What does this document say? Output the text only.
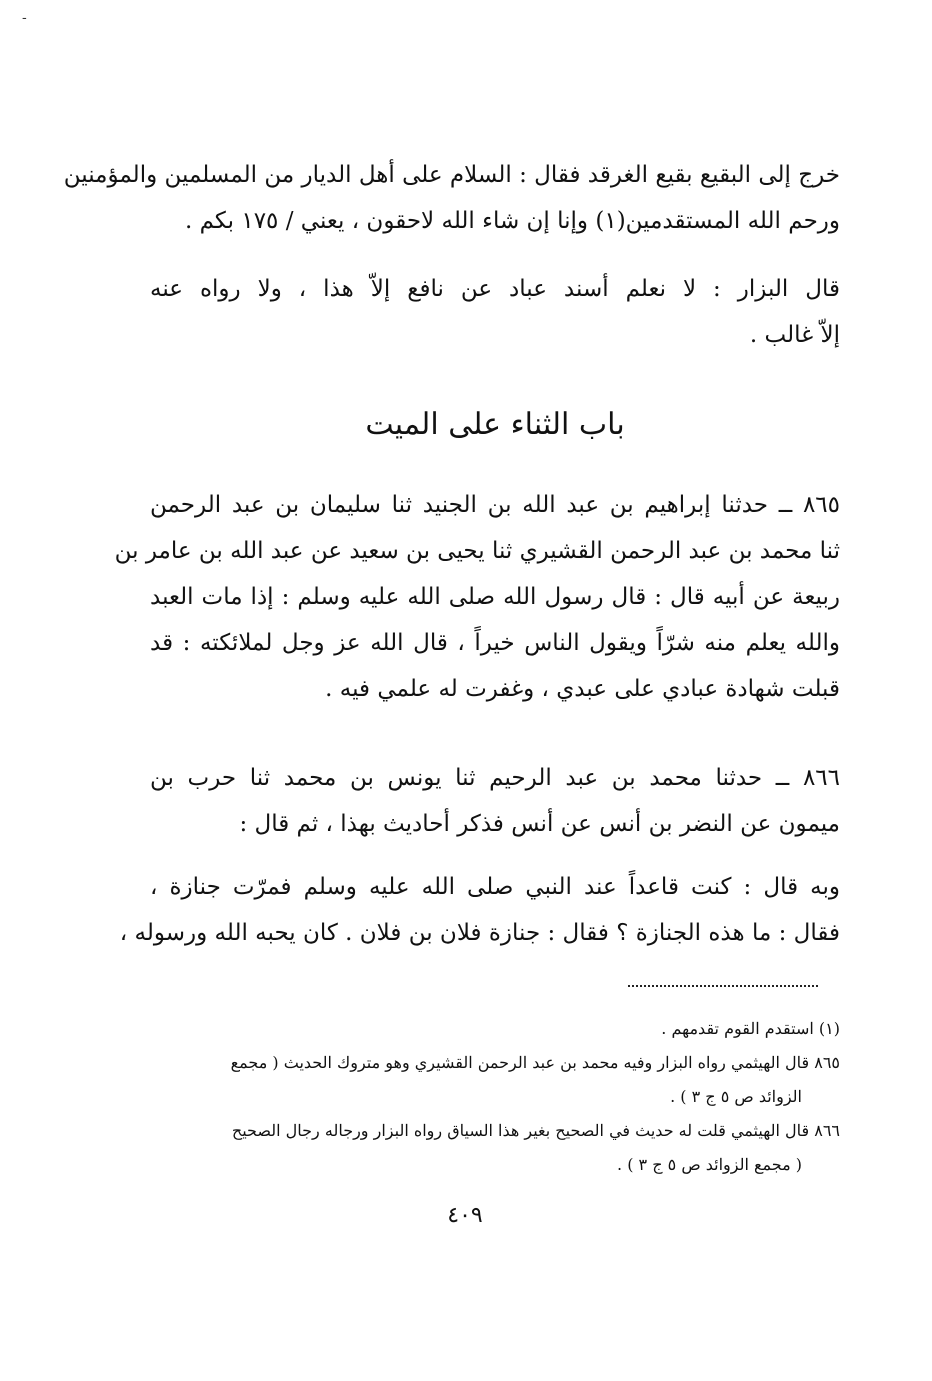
-
خرج إلى البقيع بقيع الغرقد فقال : السلام على أهل الديار من المسلمين والمؤمنين
ورحم الله المستقدمين(١) وإنا إن شاء الله لاحقون ، يعني / ١٧٥ بكم .
قال البزار : لا نعلم أسند عباد عن نافع إلاّ هذا ، ولا رواه عنه
إلاّ غالب .
باب الثناء على الميت
٨٦٥ ــ حدثنا إبراهيم بن عبد الله بن الجنيد ثنا سليمان بن عبد الرحمن
ثنا محمد بن عبد الرحمن القشيري ثنا يحيى بن سعيد عن عبد الله بن عامر بن
ربيعة عن أبيه قال : قال رسول الله صلى الله عليه وسلم : إذا مات العبد
والله يعلم منه شرّاً ويقول الناس خيراً ، قال الله عز وجل لملائكته : قد
قبلت شهادة عبادي على عبدي ، وغفرت له علمي فيه .
٨٦٦ ــ حدثنا محمد بن عبد الرحيم ثنا يونس بن محمد ثنا حرب بن
ميمون عن النضر بن أنس عن أنس فذكر أحاديث بهذا ، ثم قال :
وبه قال : كنت قاعداً عند النبي صلى الله عليه وسلم فمرّت جنازة ،
فقال : ما هذه الجنازة ؟ فقال : جنازة فلان بن فلان . كان يحبه الله ورسوله ،
(١) استقدم القوم تقدمهم .
٨٦٥ قال الهيثمي رواه البزار وفيه محمد بن عبد الرحمن القشيري وهو متروك الحديث ( مجمع
الزوائد ص ٥ ج ٣ ) .
٨٦٦ قال الهيثمي قلت له حديث في الصحيح بغير هذا السياق رواه البزار ورجاله رجال الصحيح
( مجمع الزوائد ص ٥ ج ٣ ) .
٤٠٩
